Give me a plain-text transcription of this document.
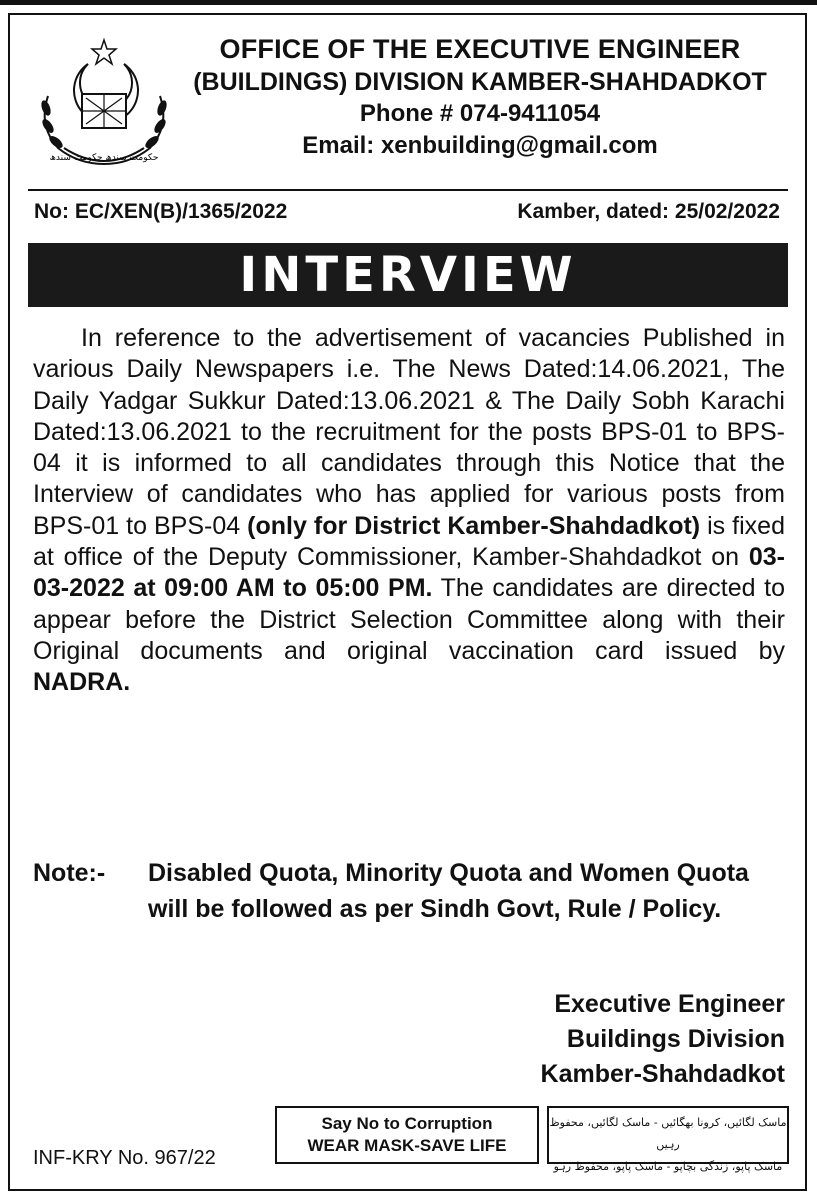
حکومت سندھ حکومت سندھ
OFFICE OF THE EXECUTIVE ENGINEER
(BUILDINGS) DIVISION KAMBER-SHAHDADKOT
Phone # 074-9411054
Email: xenbuilding@gmail.com
No: EC/XEN(B)/1365/2022	Kamber, dated: 25/02/2022
INTERVIEW

In reference to the advertisement of vacancies Published in various Daily Newspapers i.e. The News Dated:14.06.2021, The Daily Yadgar Sukkur Dated:13.06.2021 & The Daily Sobh Karachi Dated:13.06.2021 to the recruitment for the posts BPS-01 to BPS-04 it is informed to all candidates through this Notice that the Interview of candidates who has applied for various posts from BPS-01 to BPS-04 (only for District Kamber-Shahdadkot) is fixed at office of the Deputy Commissioner, Kamber-Shahdadkot on 03-03-2022 at 09:00 AM to 05:00 PM. The candidates are directed to appear before the District Selection Committee along with their Original documents and original vaccination card issued by NADRA.

Note:- Disabled Quota, Minority Quota and Women Quota will be followed as per Sindh Govt, Rule / Policy.
Executive Engineer
Buildings Division
Kamber-Shahdadkot
INF-KRY No. 967/22
Say No to Corruption
WEAR MASK-SAVE LIFE
ماسک لگائیں، کرونا بھگائیں - ماسک لگائیں، محفوظ رہیں
ماسک پاپو، زندگی بچاپو - ماسک پاپو، محفوظ رہو
